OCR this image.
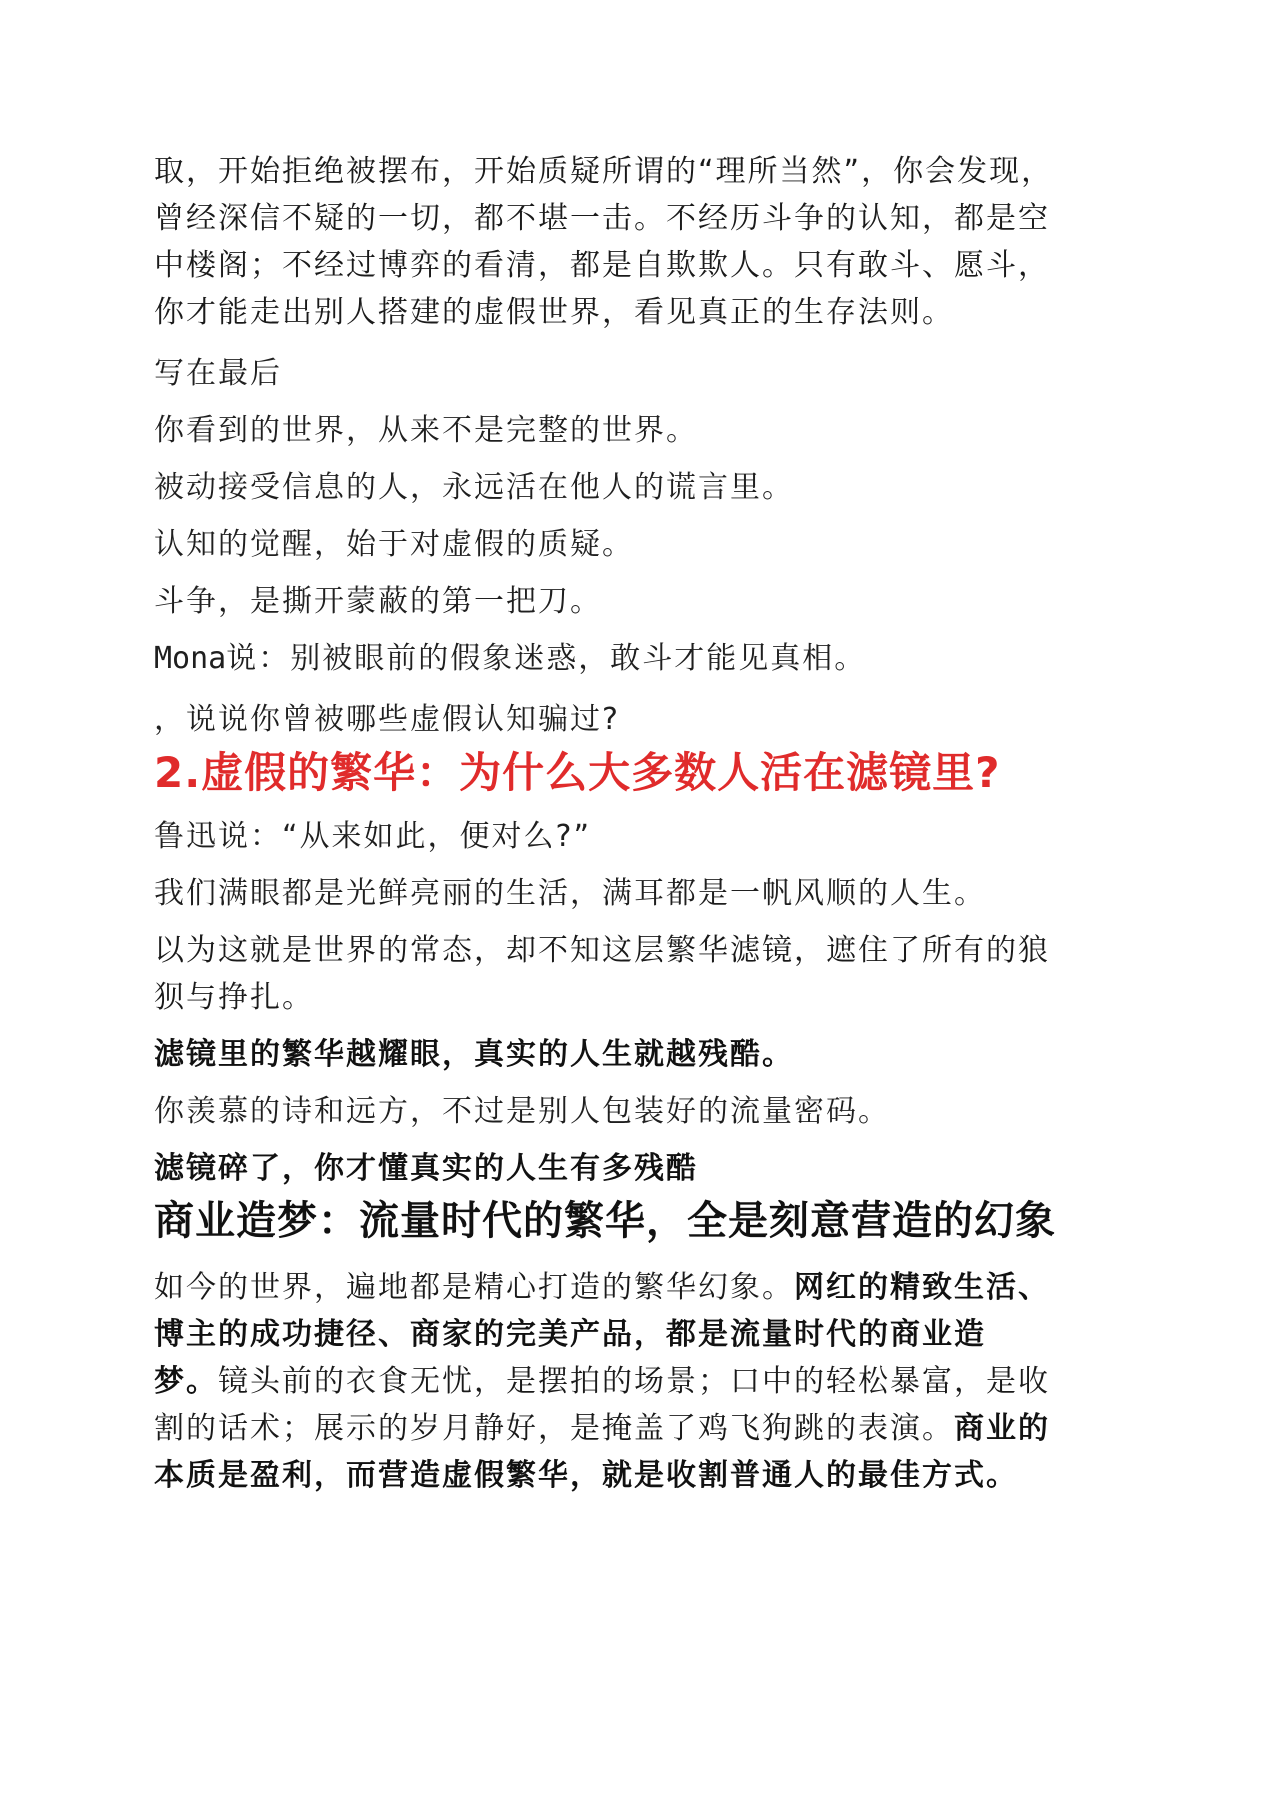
取，开始拒绝被摆布，开始质疑所谓的“理所当然”，你会发现，
曾经深信不疑的一切，都不堪一击。不经历斗争的认知，都是空
中楼阁；不经过博弈的看清，都是自欺欺人。只有敢斗、愿斗，
你才能走出别人搭建的虚假世界，看见真正的生存法则。

写在最后

你看到的世界，从来不是完整的世界。

被动接受信息的人，永远活在他人的谎言里。

认知的觉醒，始于对虚假的质疑。

斗争，是撕开蒙蔽的第一把刀。

Mona说：别被眼前的假象迷惑，敢斗才能见真相。

，说说你曾被哪些虚假认知骗过?

2.虚假的繁华：为什么大多数人活在滤镜里?

鲁迅说：“从来如此，便对么?”

我们满眼都是光鲜亮丽的生活，满耳都是一帆风顺的人生。

以为这就是世界的常态，却不知这层繁华滤镜，遮住了所有的狼
狈与挣扎。

滤镜里的繁华越耀眼，真实的人生就越残酷。

你羡慕的诗和远方，不过是别人包装好的流量密码。

滤镜碎了，你才懂真实的人生有多残酷

商业造梦：流量时代的繁华，全是刻意营造的幻象
如今的世界，遍地都是精心打造的繁华幻象。网红的精致生活、
博主的成功捷径、商家的完美产品，都是流量时代的商业造
梦。镜头前的衣食无忧，是摆拍的场景；口中的轻松暴富，是收
割的话术；展示的岁月静好，是掩盖了鸡飞狗跳的表演。商业的
本质是盈利，而营造虚假繁华，就是收割普通人的最佳方式。
